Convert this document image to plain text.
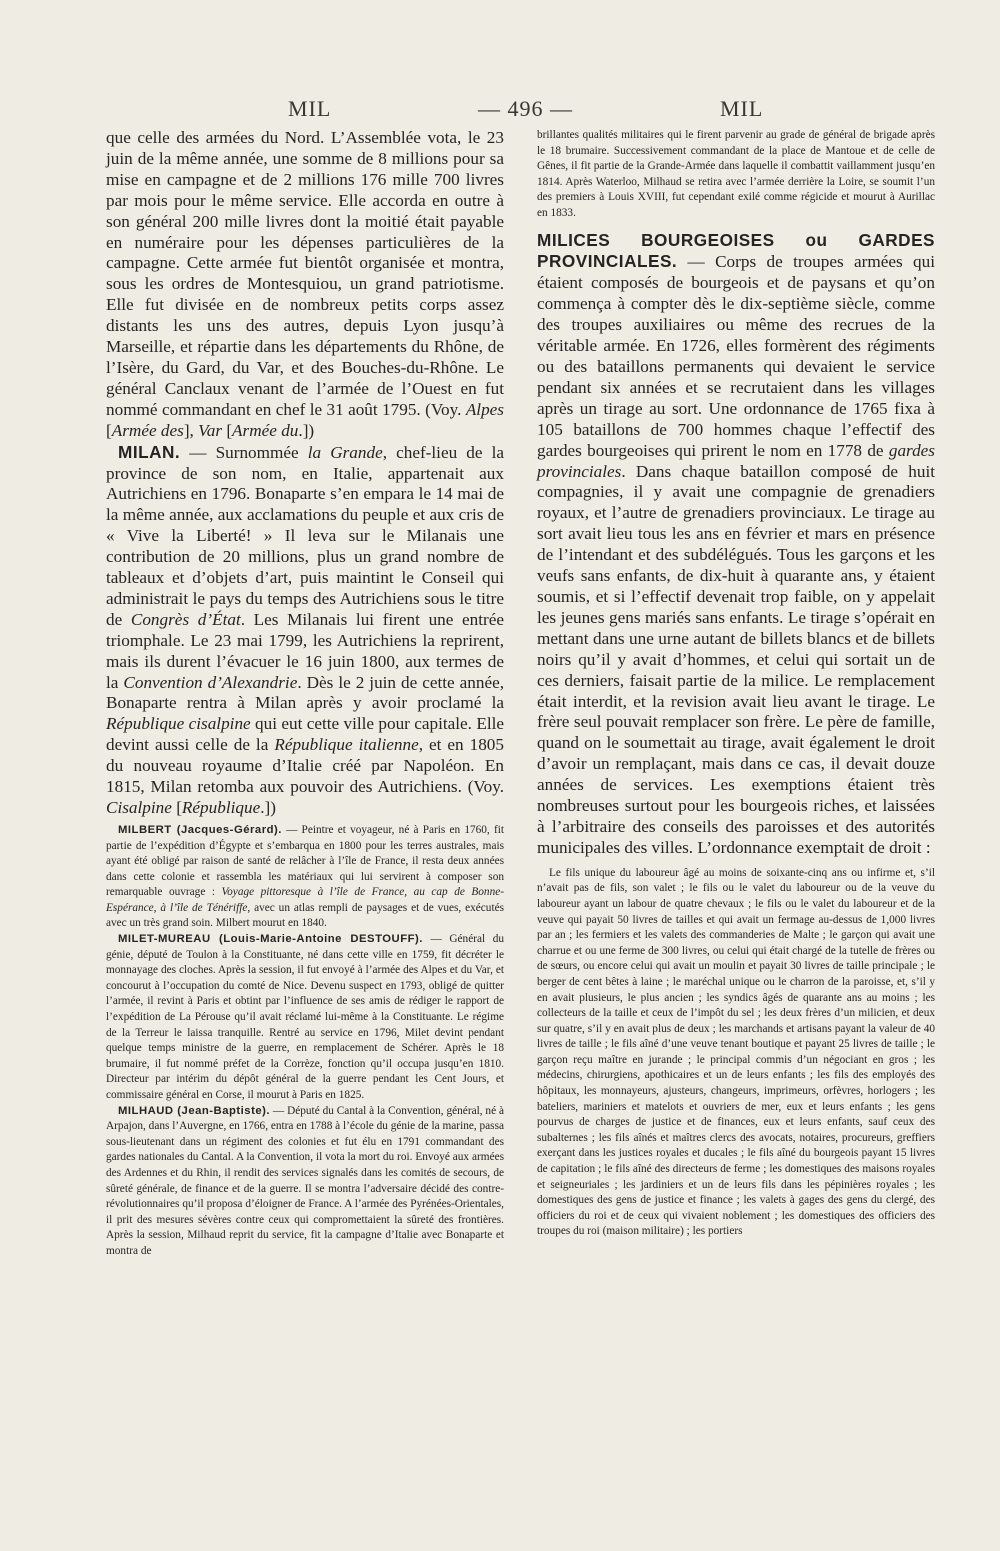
MIL	— 496 —	MIL

que celle des armées du Nord. L’Assemblée vota, le 23 juin de la même année, une somme de 8 millions pour sa mise en campagne et de 2 millions 176 mille 700 livres par mois pour le même service. Elle accorda en outre à son général 200 mille livres dont la moitié était payable en numéraire pour les dépenses particulières de la campagne. Cette armée fut bientôt organisée et montra, sous les ordres de Montesquiou, un grand patriotisme. Elle fut divisée en de nombreux petits corps assez distants les uns des autres, depuis Lyon jusqu’à Marseille, et répartie dans les départements du Rhône, de l’Isère, du Gard, du Var, et des Bouches-du-Rhône. Le général Canclaux venant de l’armée de l’Ouest en fut nommé commandant en chef le 31 août 1795. (Voy. Alpes [Armée des], Var [Armée du.])

MILAN. — Surnommée la Grande, chef-lieu de la province de son nom, en Italie, appartenait aux Autrichiens en 1796. Bonaparte s’en empara le 14 mai de la même année, aux acclamations du peuple et aux cris de « Vive la Liberté! » Il leva sur le Milanais une contribution de 20 millions, plus un grand nombre de tableaux et d’objets d’art, puis maintint le Conseil qui administrait le pays du temps des Autrichiens sous le titre de Congrès d’État. Les Milanais lui firent une entrée triomphale. Le 23 mai 1799, les Autrichiens la reprirent, mais ils durent l’évacuer le 16 juin 1800, aux termes de la Convention d’Alexandrie. Dès le 2 juin de cette année, Bonaparte rentra à Milan après y avoir proclamé la République cisalpine qui eut cette ville pour capitale. Elle devint aussi celle de la République italienne, et en 1805 du nouveau royaume d’Italie créé par Napoléon. En 1815, Milan retomba aux pouvoir des Autrichiens. (Voy. Cisalpine [République.])

MILBERT (Jacques-Gérard). — Peintre et voyageur, né à Paris en 1760, fit partie de l’expédition d’Égypte et s’embarqua en 1800 pour les terres australes, mais ayant été obligé par raison de santé de relâcher à l’île de France, il resta deux années dans cette colonie et rassembla les matériaux qui lui servirent à composer son remarquable ouvrage : Voyage pittoresque à l’île de France, au cap de Bonne-Espérance, à l’île de Ténériffe, avec un atlas rempli de paysages et de vues, exécutés avec un très grand soin. Milbert mourut en 1840.

MILET-MUREAU (Louis-Marie-Antoine DESTOUFF). — Général du génie, député de Toulon à la Constituante, né dans cette ville en 1759, fit décréter le monnayage des cloches. Après la session, il fut envoyé à l’armée des Alpes et du Var, et concourut à l’occupation du comté de Nice. Devenu suspect en 1793, obligé de quitter l’armée, il revint à Paris et obtint par l’influence de ses amis de rédiger le rapport de l’expédition de La Pérouse qu’il avait réclamé lui-même à la Constituante. Le régime de la Terreur le laissa tranquille. Rentré au service en 1796, Milet devint pendant quelque temps ministre de la guerre, en remplacement de Schérer. Après le 18 brumaire, il fut nommé préfet de la Corrèze, fonction qu’il occupa jusqu’en 1810. Directeur par intérim du dépôt général de la guerre pendant les Cent Jours, et commissaire général en Corse, il mourut à Paris en 1825.

MILHAUD (Jean-Baptiste). — Député du Cantal à la Convention, général, né à Arpajon, dans l’Auvergne, en 1766, entra en 1788 à l’école du génie de la marine, passa sous-lieutenant dans un régiment des colonies et fut élu en 1791 commandant des gardes nationales du Cantal. A la Convention, il vota la mort du roi. Envoyé aux armées des Ardennes et du Rhin, il rendit des services signalés dans les comités de secours, de sûreté générale, de finance et de la guerre. Il se montra l’adversaire décidé des contre-révolutionnaires qu’il proposa d’éloigner de France. A l’armée des Pyrénées-Orientales, il prit des mesures sévères contre ceux qui compromettaient la sûreté des frontières. Après la session, Milhaud reprit du service, fit la campagne d’Italie avec Bonaparte et montra de

brillantes qualités militaires qui le firent parvenir au grade de général de brigade après le 18 brumaire. Successivement commandant de la place de Mantoue et de celle de Gênes, il fit partie de la Grande-Armée dans laquelle il combattit vaillamment jusqu’en 1814. Après Waterloo, Milhaud se retira avec l’armée derrière la Loire, se soumit l’un des premiers à Louis XVIII, fut cependant exilé comme régicide et mourut à Aurillac en 1833.

MILICES BOURGEOISES ou GARDES PROVINCIALES. — Corps de troupes armées qui étaient composés de bourgeois et de paysans et qu’on commença à compter dès le dix-septième siècle, comme des troupes auxiliaires ou même des recrues de la véritable armée. En 1726, elles formèrent des régiments ou des bataillons permanents qui devaient le service pendant six années et se recrutaient dans les villages après un tirage au sort. Une ordonnance de 1765 fixa à 105 bataillons de 700 hommes chaque l’effectif des gardes bourgeoises qui prirent le nom en 1778 de gardes provinciales. Dans chaque bataillon composé de huit compagnies, il y avait une compagnie de grenadiers royaux, et l’autre de grenadiers provinciaux. Le tirage au sort avait lieu tous les ans en février et mars en présence de l’intendant et des subdélégués. Tous les garçons et les veufs sans enfants, de dix-huit à quarante ans, y étaient soumis, et si l’effectif devenait trop faible, on y appelait les jeunes gens mariés sans enfants. Le tirage s’opérait en mettant dans une urne autant de billets blancs et de billets noirs qu’il y avait d’hommes, et celui qui sortait un de ces derniers, faisait partie de la milice. Le remplacement était interdit, et la revision avait lieu avant le tirage. Le frère seul pouvait remplacer son frère. Le père de famille, quand on le soumettait au tirage, avait également le droit d’avoir un remplaçant, mais dans ce cas, il devait douze années de services. Les exemptions étaient très nombreuses surtout pour les bourgeois riches, et laissées à l’arbitraire des conseils des paroisses et des autorités municipales des villes. L’ordonnance exemptait de droit :

Le fils unique du laboureur âgé au moins de soixante-cinq ans ou infirme et, s’il n’avait pas de fils, son valet ; le fils ou le valet du laboureur ou de la veuve du laboureur ayant un labour de quatre chevaux ; le fils ou le valet du laboureur et de la veuve qui payait 50 livres de tailles et qui avait un fermage au-dessus de 1,000 livres par an ; les fermiers et les valets des commanderies de Malte ; le garçon qui avait une charrue et ou une ferme de 300 livres, ou celui qui était chargé de la tutelle de frères ou de sœurs, ou encore celui qui avait un moulin et payait 30 livres de taille principale ; le berger de cent bêtes à laine ; le maréchal unique ou le charron de la paroisse, et, s’il y en avait plusieurs, le plus ancien ; les syndics âgés de quarante ans au moins ; les collecteurs de la taille et ceux de l’impôt du sel ; les deux frères d’un milicien, et deux sur quatre, s’il y en avait plus de deux ; les marchands et artisans payant la valeur de 40 livres de taille ; le fils aîné d’une veuve tenant boutique et payant 25 livres de taille ; le garçon reçu maître en jurande ; le principal commis d’un négociant en gros ; les médecins, chirurgiens, apothicaires et un de leurs enfants ; les fils des employés des hôpitaux, les monnayeurs, ajusteurs, changeurs, imprimeurs, orfèvres, horlogers ; les bateliers, mariniers et matelots et ouvriers de mer, eux et leurs enfants ; les gens pourvus de charges de justice et de finances, eux et leurs enfants, sauf ceux des subalternes ; les fils aînés et maîtres clercs des avocats, notaires, procureurs, greffiers exerçant dans les justices royales et ducales ; le fils aîné du bourgeois payant 15 livres de capitation ; le fils aîné des directeurs de ferme ; les domestiques des maisons royales et seigneuriales ; les jardiniers et un de leurs fils dans les pépinières royales ; les domestiques des gens de justice et finance ; les valets à gages des gens du clergé, des officiers du roi et de ceux qui vivaient noblement ; les domestiques des officiers des troupes du roi (maison militaire) ; les portiers
